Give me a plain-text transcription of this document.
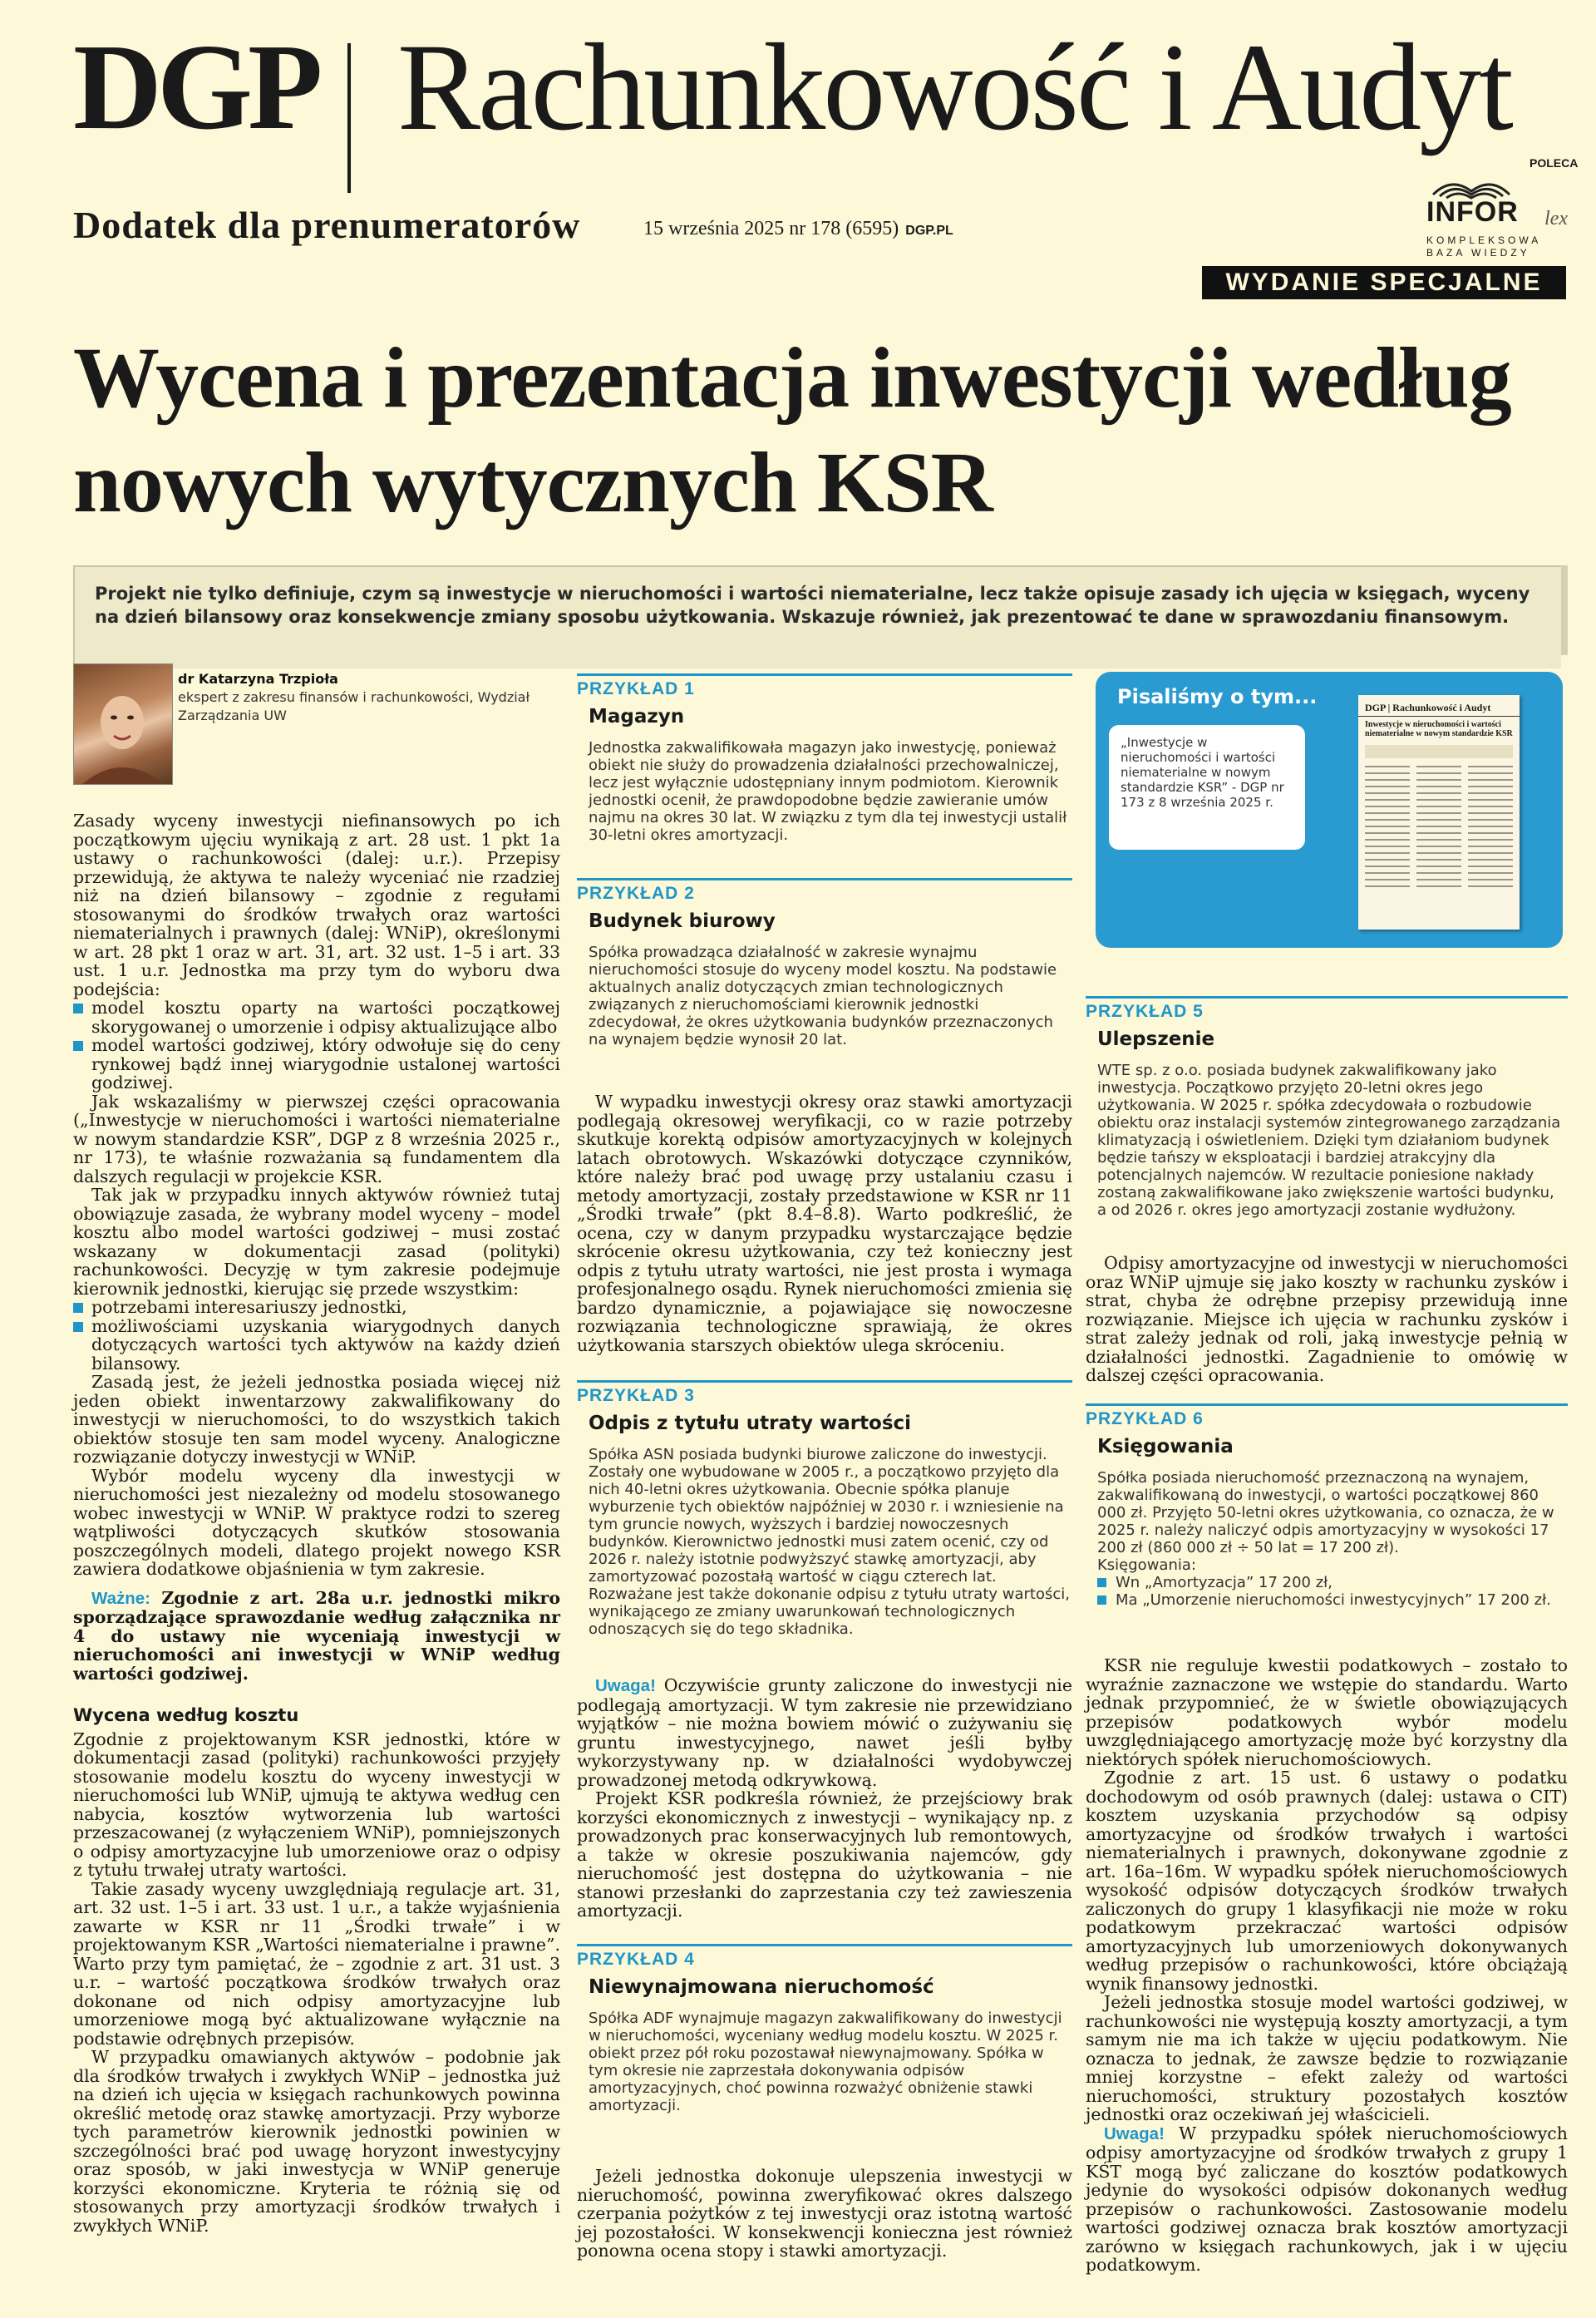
DGP Rachunkowość i Audyt
Dodatek dla prenumeratorów	15 września 2025 nr 178 (6595) DGP.PL
POLECA
INFOR lex
KOMPLEKSOWA BAZA WIEDZY
WYDANIE SPECJALNE
Wycena i prezentacja inwestycji według nowych wytycznych KSR
Projekt nie tylko definiuje, czym są inwestycje w nieruchomości i wartości niematerialne, lecz także opisuje zasady ich ujęcia w księgach, wyceny na dzień bilansowy oraz konsekwencje zmiany sposobu użytkowania. Wskazuje również, jak prezentować te dane w sprawozdaniu finansowym.
dr Katarzyna Trzpioła
ekspert z zakresu finansów i rachunkowości, Wydział Zarządzania UW

Zasady wyceny inwestycji niefinansowych po ich początkowym ujęciu wynikają z art. 28 ust. 1 pkt 1a ustawy o rachunkowości (dalej: u.r.). Przepisy przewidują, że aktywa te należy wyceniać nie rzadziej niż na dzień bilansowy – zgodnie z regułami stosowanymi do środków trwałych oraz wartości niematerialnych i prawnych (dalej: WNiP), określonymi w art. 28 pkt 1 oraz w art. 31, art. 32 ust. 1–5 i art. 33 ust. 1 u.r. Jednostka ma przy tym do wyboru dwa podejścia:

model kosztu oparty na wartości początkowej skorygowanej o umorzenie i odpisy aktualizujące albo
model wartości godziwej, który odwołuje się do ceny rynkowej bądź innej wiarygodnie ustalonej wartości godziwej.

Jak wskazaliśmy w pierwszej części opracowania („Inwestycje w nieruchomości i wartości niematerialne w nowym standardzie KSR”, DGP z 8 września 2025 r., nr 173), te właśnie rozważania są fundamentem dla dalszych regulacji w projekcie KSR.

Tak jak w przypadku innych aktywów również tutaj obowiązuje zasada, że wybrany model wyceny – model kosztu albo model wartości godziwej – musi zostać wskazany w dokumentacji zasad (polityki) rachunkowości. Decyzję w tym zakresie podejmuje kierownik jednostki, kierując się przede wszystkim:

potrzebami interesariuszy jednostki,
możliwościami uzyskania wiarygodnych danych dotyczących wartości tych aktywów na każdy dzień bilansowy.

Zasadą jest, że jeżeli jednostka posiada więcej niż jeden obiekt inwentarzowy zakwalifikowany do inwestycji w nieruchomości, to do wszystkich takich obiektów stosuje ten sam model wyceny. Analogiczne rozwiązanie dotyczy inwestycji w WNiP.

Wybór modelu wyceny dla inwestycji w nieruchomości jest niezależny od modelu stosowanego wobec inwestycji w WNiP. W praktyce rodzi to szereg wątpliwości dotyczących skutków stosowania poszczególnych modeli, dlatego projekt nowego KSR zawiera dodatkowe objaśnienia w tym zakresie.

Ważne: Zgodnie z art. 28a u.r. jednostki mikro sporządzające sprawozdanie według załącznika nr 4 do ustawy nie wyceniają inwestycji w nieruchomości ani inwestycji w WNiP według wartości godziwej.

Wycena według kosztu

Zgodnie z projektowanym KSR jednostki, które w dokumentacji zasad (polityki) rachunkowości przyjęły stosowanie modelu kosztu do wyceny inwestycji w nieruchomości lub WNiP, ujmują te aktywa według cen nabycia, kosztów wytworzenia lub wartości przeszacowanej (z wyłączeniem WNiP), pomniejszonych o odpisy amortyzacyjne lub umorzeniowe oraz o odpisy z tytułu trwałej utraty wartości.

Takie zasady wyceny uwzględniają regulacje art. 31, art. 32 ust. 1–5 i art. 33 ust. 1 u.r., a także wyjaśnienia zawarte w KSR nr 11 „Środki trwałe” i w projektowanym KSR „Wartości niematerialne i prawne”. Warto przy tym pamiętać, że – zgodnie z art. 31 ust. 3 u.r. – wartość początkowa środków trwałych oraz dokonane od nich odpisy amortyzacyjne lub umorzeniowe mogą być aktualizowane wyłącznie na podstawie odrębnych przepisów.

W przypadku omawianych aktywów – podobnie jak dla środków trwałych i zwykłych WNiP – jednostka już na dzień ich ujęcia w księgach rachunkowych powinna określić metodę oraz stawkę amortyzacji. Przy wyborze tych parametrów kierownik jednostki powinien w szczególności brać pod uwagę horyzont inwestycyjny oraz sposób, w jaki inwestycja w WNiP generuje korzyści ekonomiczne. Kryteria te różnią się od stosowanych przy amortyzacji środków trwałych i zwykłych WNiP.

PRZYKŁAD 1
Magazyn
Jednostka zakwalifikowała magazyn jako inwestycję, ponieważ obiekt nie służy do prowadzenia działalności przechowalniczej, lecz jest wyłącznie udostępniany innym podmiotom. Kierownik jednostki ocenił, że prawdopodobne będzie zawieranie umów najmu na okres 30 lat. W związku z tym dla tej inwestycji ustalił 30-letni okres amortyzacji.
PRZYKŁAD 2
Budynek biurowy
Spółka prowadząca działalność w zakresie wynajmu nieruchomości stosuje do wyceny model kosztu. Na podstawie aktualnych analiz dotyczących zmian technologicznych związanych z nieruchomościami kierownik jednostki zdecydował, że okres użytkowania budynków przeznaczonych na wynajem będzie wynosił 20 lat.

W wypadku inwestycji okresy oraz stawki amortyzacji podlegają okresowej weryfikacji, co w razie potrzeby skutkuje korektą odpisów amortyzacyjnych w kolejnych latach obrotowych. Wskazówki dotyczące czynników, które należy brać pod uwagę przy ustalaniu czasu i metody amortyzacji, zostały przedstawione w KSR nr 11 „Środki trwałe” (pkt 8.4–8.8). Warto podkreślić, że ocena, czy w danym przypadku wystarczające będzie skrócenie okresu użytkowania, czy też konieczny jest odpis z tytułu utraty wartości, nie jest prosta i wymaga profesjonalnego osądu. Rynek nieruchomości zmienia się bardzo dynamicznie, a pojawiające się nowoczesne rozwiązania technologiczne sprawiają, że okres użytkowania starszych obiektów ulega skróceniu.

PRZYKŁAD 3
Odpis z tytułu utraty wartości
Spółka ASN posiada budynki biurowe zaliczone do inwestycji. Zostały one wybudowane w 2005 r., a początkowo przyjęto dla nich 40-letni okres użytkowania. Obecnie spółka planuje wyburzenie tych obiektów najpóźniej w 2030 r. i wzniesienie na tym gruncie nowych, wyższych i bardziej nowoczesnych budynków. Kierownictwo jednostki musi zatem ocenić, czy od 2026 r. należy istotnie podwyższyć stawkę amortyzacji, aby zamortyzować pozostałą wartość w ciągu czterech lat. Rozważane jest także dokonanie odpisu z tytułu utraty wartości, wynikającego ze zmiany uwarunkowań technologicznych odnoszących się do tego składnika.

Uwaga! Oczywiście grunty zaliczone do inwestycji nie podlegają amortyzacji. W tym zakresie nie przewidziano wyjątków – nie można bowiem mówić o zużywaniu się gruntu inwestycyjnego, nawet jeśli byłby wykorzystywany np. w działalności wydobywczej prowadzonej metodą odkrywkową.

Projekt KSR podkreśla również, że przejściowy brak korzyści ekonomicznych z inwestycji – wynikający np. z prowadzonych prac konserwacyjnych lub remontowych, a także w okresie poszukiwania najemców, gdy nieruchomość jest dostępna do użytkowania – nie stanowi przesłanki do zaprzestania czy też zawieszenia amortyzacji.

PRZYKŁAD 4
Niewynajmowana nieruchomość
Spółka ADF wynajmuje magazyn zakwalifikowany do inwestycji w nieruchomości, wyceniany według modelu kosztu. W 2025 r. obiekt przez pół roku pozostawał niewynajmowany. Spółka w tym okresie nie zaprzestała dokonywania odpisów amortyzacyjnych, choć powinna rozważyć obniżenie stawki amortyzacji.

Jeżeli jednostka dokonuje ulepszenia inwestycji w nieruchomość, powinna zweryfikować okres dalszego czerpania pożytków z tej inwestycji oraz istotną wartość jej pozostałości. W konsekwencji konieczna jest również ponowna ocena stopy i stawki amortyzacji.

Pisaliśmy o tym...
„Inwestycje w nieruchomości i wartości niematerialne w nowym standardzie KSR” - DGP nr 173 z 8 września 2025 r.
DGP | Rachunkowość i Audyt
Inwestycje w nieruchomości i wartości niematerialne w nowym standardzie KSR
PRZYKŁAD 5
Ulepszenie
WTE sp. z o.o. posiada budynek zakwalifikowany jako inwestycja. Początkowo przyjęto 20-letni okres jego użytkowania. W 2025 r. spółka zdecydowała o rozbudowie obiektu oraz instalacji systemów zintegrowanego zarządzania klimatyzacją i oświetleniem. Dzięki tym działaniom budynek będzie tańszy w eksploatacji i bardziej atrakcyjny dla potencjalnych najemców. W rezultacie poniesione nakłady zostaną zakwalifikowane jako zwiększenie wartości budynku, a od 2026 r. okres jego amortyzacji zostanie wydłużony.

Odpisy amortyzacyjne od inwestycji w nieruchomości oraz WNiP ujmuje się jako koszty w rachunku zysków i strat, chyba że odrębne przepisy przewidują inne rozwiązanie. Miejsce ich ujęcia w rachunku zysków i strat zależy jednak od roli, jaką inwestycje pełnią w działalności jednostki. Zagadnienie to omówię w dalszej części opracowania.

PRZYKŁAD 6
Księgowania
Spółka posiada nieruchomość przeznaczoną na wynajem, zakwalifikowaną do inwestycji, o wartości początkowej 860 000 zł. Przyjęto 50-letni okres użytkowania, co oznacza, że w 2025 r. należy naliczyć odpis amortyzacyjny w wysokości 17 200 zł (860 000 zł ÷ 50 lat = 17 200 zł).
Księgowania:
Wn „Amortyzacja” 17 200 zł,
Ma „Umorzenie nieruchomości inwestycyjnych” 17 200 zł.

KSR nie reguluje kwestii podatkowych – zostało to wyraźnie zaznaczone we wstępie do standardu. Warto jednak przypomnieć, że w świetle obowiązujących przepisów podatkowych wybór modelu uwzględniającego amortyzację może być korzystny dla niektórych spółek nieruchomościowych.

Zgodnie z art. 15 ust. 6 ustawy o podatku dochodowym od osób prawnych (dalej: ustawa o CIT) kosztem uzyskania przychodów są odpisy amortyzacyjne od środków trwałych i wartości niematerialnych i prawnych, dokonywane zgodnie z art. 16a–16m. W wypadku spółek nieruchomościowych wysokość odpisów dotyczących środków trwałych zaliczonych do grupy 1 klasyfikacji nie może w roku podatkowym przekraczać wartości odpisów amortyzacyjnych lub umorzeniowych dokonywanych według przepisów o rachunkowości, które obciążają wynik finansowy jednostki.

Jeżeli jednostka stosuje model wartości godziwej, w rachunkowości nie występują koszty amortyzacji, a tym samym nie ma ich także w ujęciu podatkowym. Nie oznacza to jednak, że zawsze będzie to rozwiązanie mniej korzystne – efekt zależy od wartości nieruchomości, struktury pozostałych kosztów jednostki oraz oczekiwań jej właścicieli.

Uwaga! W przypadku spółek nieruchomościowych odpisy amortyzacyjne od środków trwałych z grupy 1 KŚT mogą być zaliczane do kosztów podatkowych jedynie do wysokości odpisów dokonanych według przepisów o rachunkowości. Zastosowanie modelu wartości godziwej oznacza brak kosztów amortyzacji zarówno w księgach rachunkowych, jak i w ujęciu podatkowym.
